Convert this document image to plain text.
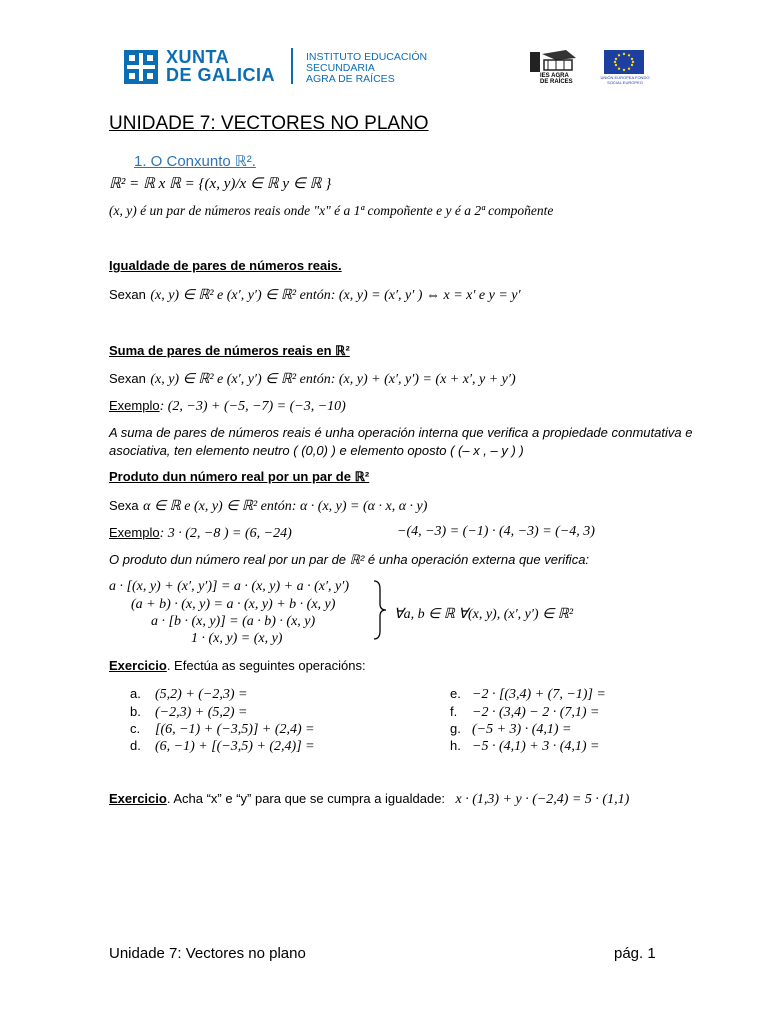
XUNTA
DE GALICIA
INSTITUTO EDUCACIÓN
SECUNDARIA
AGRA DE RAÍCES	IES AGRA DE RAÍCES
UNIÓN EUROPEA FONDO SOCIAL EUROPEO
UNIDADE 7: VECTORES NO PLANO
1. O Conxunto ℝ².
ℝ² = ℝ x ℝ = {(x, y)/x ∈ ℝ y ∈ ℝ }
(x, y) é un par de números reais onde "x" é a 1ª compoñente e y é a 2ª compoñente
Igualdade de pares de números reais.
Sexan (x, y) ∈ ℝ² e (x′, y′) ∈ ℝ² entón: (x, y) = (x′, y′ ) ⇔ x = x′ e y = y′
Suma de pares de números reais en ℝ²
Sexan (x, y) ∈ ℝ² e (x′, y′) ∈ ℝ² entón: (x, y) + (x′, y′) = (x + x′, y + y′)
Exemplo: (2, −3) + (−5, −7) = (−3, −10)
A suma de pares de números reais é unha operación interna que verifica a propiedade conmutativa e
asociativa, ten elemento neutro ( (0,0) ) e elemento oposto ( (– x , – y ) )
Produto dun número real por un par de ℝ²
Sexa α ∈ ℝ e (x, y) ∈ ℝ² entón: α · (x, y) = (α · x, α · y)
Exemplo: 3 · (2, −8 ) = (6, −24)	−(4, −3) = (−1) · (4, −3) = (−4, 3)
O produto dun número real por un par de ℝ² é unha operación externa que verifica:
a · [(x, y) + (x′, y′)] = a · (x, y) + a · (x′, y′)
(a + b) · (x, y) = a · (x, y) + b · (x, y)
a · [b · (x, y)] = (a · b) · (x, y)
1 · (x, y) = (x, y)
∀a, b ∈ ℝ ∀(x, y), (x′, y′) ∈ ℝ²
Exercicio. Efectúa as seguintes operacións:
a. (5,2) + (−2,3) =
b. (−2,3) + (5,2) =
c. [(6, −1) + (−3,5)] + (2,4) =
d. (6, −1) + [(−3,5) + (2,4)] =
e. −2 · [(3,4) + (7, −1)] =
f. −2 · (3,4) − 2 · (7,1) =
g. (−5 + 3) · (4,1) =
h. −5 · (4,1) + 3 · (4,1) =
Exercicio. Acha “x” e “y” para que se cumpra a igualdade: x · (1,3) + y · (−2,4) = 5 · (1,1)
Unidade 7: Vectores no plano	pág. 1
